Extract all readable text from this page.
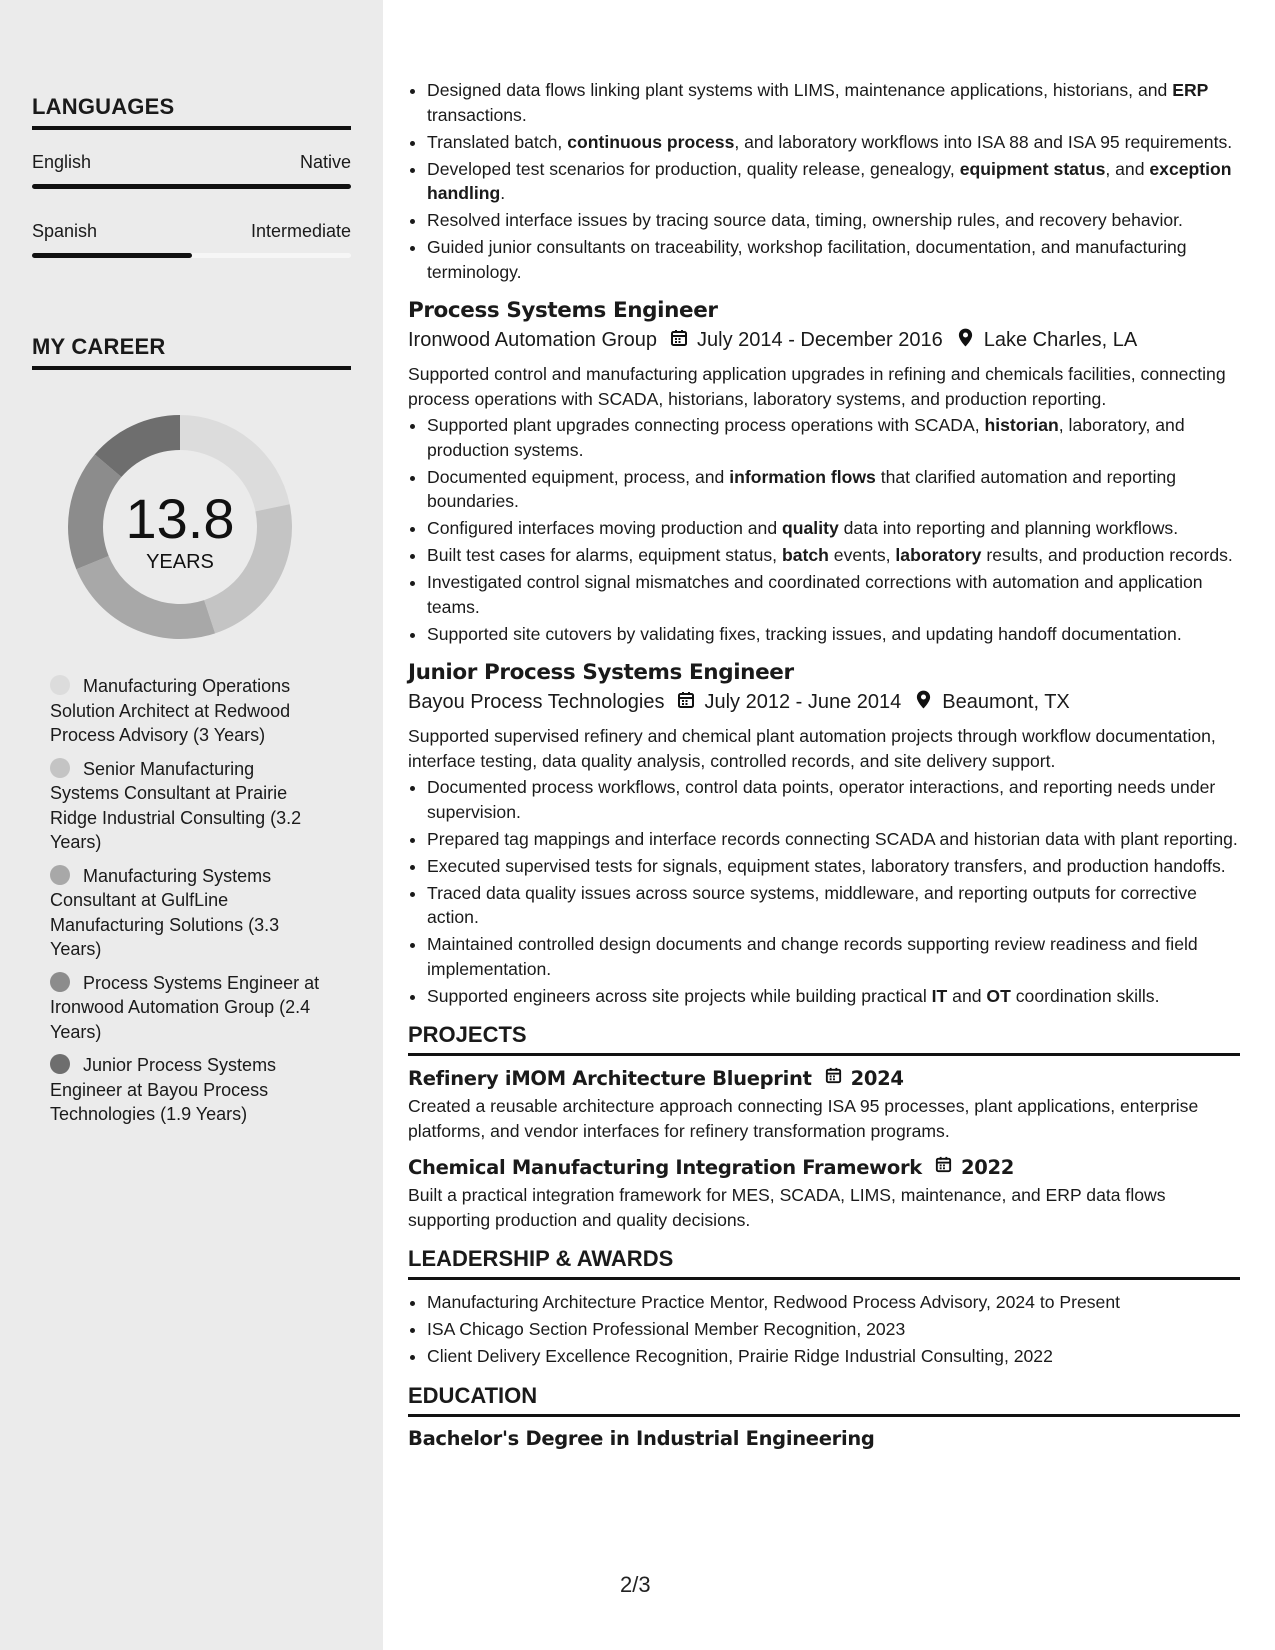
LANGUAGES
English	Native
Spanish	Intermediate
MY CAREER
13.8
YEARS
Manufacturing Operations Solution Architect at Redwood Process Advisory (3 Years)
Senior Manufacturing Systems Consultant at Prairie Ridge Industrial Consulting (3.2 Years)
Manufacturing Systems Consultant at GulfLine Manufacturing Solutions (3.3 Years)
Process Systems Engineer at Ironwood Automation Group (2.4 Years)
Junior Process Systems Engineer at Bayou Process Technologies (1.9 Years)
• Designed data flows linking plant systems with LIMS, maintenance applications, historians, and ERP transactions.
• Translated batch, continuous process, and laboratory workflows into ISA 88 and ISA 95 requirements.
• Developed test scenarios for production, quality release, genealogy, equipment status, and exception handling.
• Resolved interface issues by tracing source data, timing, ownership rules, and recovery behavior.
• Guided junior consultants on traceability, workshop facilitation, documentation, and manufacturing terminology.
Process Systems Engineer
Ironwood Automation Group July 2014 - December 2016 Lake Charles, LA

Supported control and manufacturing application upgrades in refining and chemicals facilities, connecting process operations with SCADA, historians, laboratory systems, and production reporting.

• Supported plant upgrades connecting process operations with SCADA, historian, laboratory, and production systems.
• Documented equipment, process, and information flows that clarified automation and reporting boundaries.
• Configured interfaces moving production and quality data into reporting and planning workflows.
• Built test cases for alarms, equipment status, batch events, laboratory results, and production records.
• Investigated control signal mismatches and coordinated corrections with automation and application teams.
• Supported site cutovers by validating fixes, tracking issues, and updating handoff documentation.
Junior Process Systems Engineer
Bayou Process Technologies July 2012 - June 2014 Beaumont, TX

Supported supervised refinery and chemical plant automation projects through workflow documentation, interface testing, data quality analysis, controlled records, and site delivery support.

• Documented process workflows, control data points, operator interactions, and reporting needs under supervision.
• Prepared tag mappings and interface records connecting SCADA and historian data with plant reporting.
• Executed supervised tests for signals, equipment states, laboratory transfers, and production handoffs.
• Traced data quality issues across source systems, middleware, and reporting outputs for corrective action.
• Maintained controlled design documents and change records supporting review readiness and field implementation.
• Supported engineers across site projects while building practical IT and OT coordination skills.
PROJECTS
Refinery iMOM Architecture Blueprint 2024

Created a reusable architecture approach connecting ISA 95 processes, plant applications, enterprise platforms, and vendor interfaces for refinery transformation programs.

Chemical Manufacturing Integration Framework 2022

Built a practical integration framework for MES, SCADA, LIMS, maintenance, and ERP data flows supporting production and quality decisions.

LEADERSHIP & AWARDS
• Manufacturing Architecture Practice Mentor, Redwood Process Advisory, 2024 to Present
• ISA Chicago Section Professional Member Recognition, 2023
• Client Delivery Excellence Recognition, Prairie Ridge Industrial Consulting, 2022
EDUCATION
Bachelor's Degree in Industrial Engineering
2/3
